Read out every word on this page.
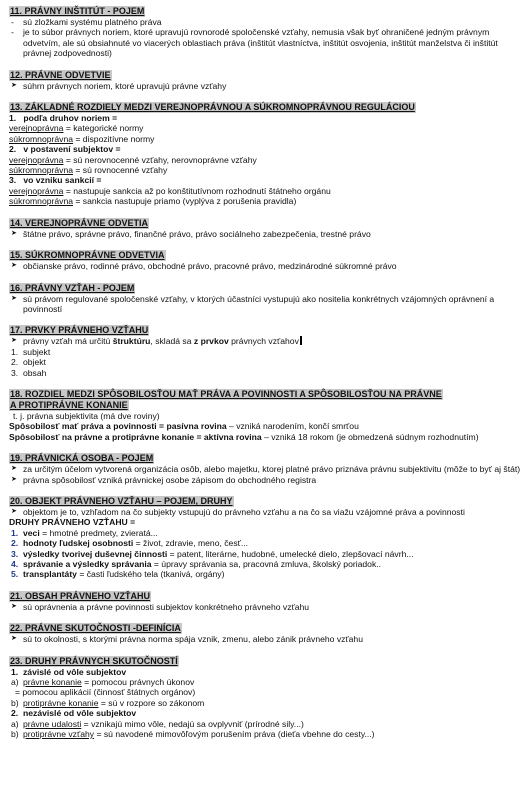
11. PRÁVNY INŠTITÚT - POJEM
- sú zložkami systému platného práva
- je to súbor právnych noriem, ktoré upravujú rovnorodé spoločenské vzťahy, nemusia však byť ohraničené jedným právnym odvetvím, ale sú obsiahnuté vo viacerých oblastiach práva (inštitút vlastníctva, inštitút osvojenia, inštitút manželstva či inštitút právnej zodpovednosti)
12. PRÁVNE ODVETVIE
➤ súhrn právnych noriem, ktoré upravujú právne vzťahy
13. ZÁKLADNÉ ROZDIELY MEDZI VEREJNOPRÁVNOU A SÚKROMNOPRÁVNOU REGULÁCIOU
1. podľa druhov noriem =
verejnoprávna = kategorické normy
súkromnoprávna = dispozitívne normy
2. v postavení subjektov =
verejnoprávna = sú nerovnocenné vzťahy, nerovnoprávne vzťahy
súkromnoprávna = sú rovnocenné vzťahy
3. vo vzniku sankcií =
verejnoprávna = nastupuje sankcia až po konštitutívnom rozhodnutí štátneho orgánu
súkromnoprávna = sankcia nastupuje priamo (vyplýva z porušenia pravidla)
14. VEREJNOPRÁVNE ODVETIA
➤ štátne právo, správne právo, finančné právo, právo sociálneho zabezpečenia, trestné právo
15. SÚKROMNOPRÁVNE ODVETVIA
➤ občianske právo, rodinné právo, obchodné právo, pracovné právo, medzinárodné súkromné právo
16. PRÁVNY VZŤAH - POJEM
➤ sú právom regulované spoločenské vzťahy, v ktorých účastníci vystupujú ako nositelia konkrétnych vzájomných oprávnení a povinností
17. PRVKY PRÁVNEHO VZŤAHU
➤ právny vzťah má určitú štruktúru, skladá sa z prvkov právnych vzťahov
1. subjekt
2. objekt
3. obsah
18. ROZDIEL MEDZI SPÔSOBILOSŤOU MAŤ PRÁVA A POVINNOSTI A SPÔSOBILOSŤOU NA PRÁVNE
A PROTIPRÁVNE KONANIE
t. j. právna subjektivita (má dve roviny)
Spôsobilosť mať práva a povinnosti = pasívna rovina – vzniká narodením, končí smrťou
Spôsobilosť na právne a protiprávne konanie = aktívna rovina – vzniká 18 rokom (je obmedzená súdnym rozhodnutím)
19. PRÁVNICKÁ OSOBA - POJEM
➤ za určitým účelom vytvorená organizácia osôb, alebo majetku, ktorej platné právo priznáva právnu subjektivitu (môže to byť aj štát)
➤ právna spôsobilosť vzniká právnickej osobe zápisom do obchodného registra
20. OBJEKT PRÁVNEHO VZŤAHU – POJEM, DRUHY
➤ objektom je to, vzhľadom na čo subjekty vstupujú do právneho vzťahu a na čo sa viažu vzájomné práva a povinnosti
DRUHY PRÁVNEHO VZŤAHU =
1. veci = hmotné predmety, zvieratá...
2. hodnoty ľudskej osobnosti = život, zdravie, meno, česť...
3. výsledky tvorivej duševnej činnosti = patent, literárne, hudobné, umelecké dielo, zlepšovací návrh...
4. správanie a výsledky správania = úpravy správania sa, pracovná zmluva, školský poriadok..
5. transplantáty = časti ľudského tela (tkanivá, orgány)
21. OBSAH PRÁVNEHO VZŤAHU
➤ sú oprávnenia a právne povinnosti subjektov konkrétneho právneho vzťahu
22. PRÁVNE SKUTOČNOSTI -DEFINÍCIA
➤ sú to okolnosti, s ktorými právna norma spája vznik, zmenu, alebo zánik právneho vzťahu
23. DRUHY PRÁVNYCH SKUTOČNOSTÍ
1. závislé od vôle subjektov
a) právne konanie = pomocou právnych úkonov
= pomocou aplikácií (činnosť štátnych orgánov)
b) protiprávne konanie = sú v rozpore so zákonom
2. nezávislé od vôle subjektov
a) právne udalosti = vznikajú mimo vôle, nedajú sa ovplyvniť (prírodné sily...)
b) protiprávne vzťahy = sú navodené mimovôľovým porušením práva (dieťa vbehne do cesty...)
